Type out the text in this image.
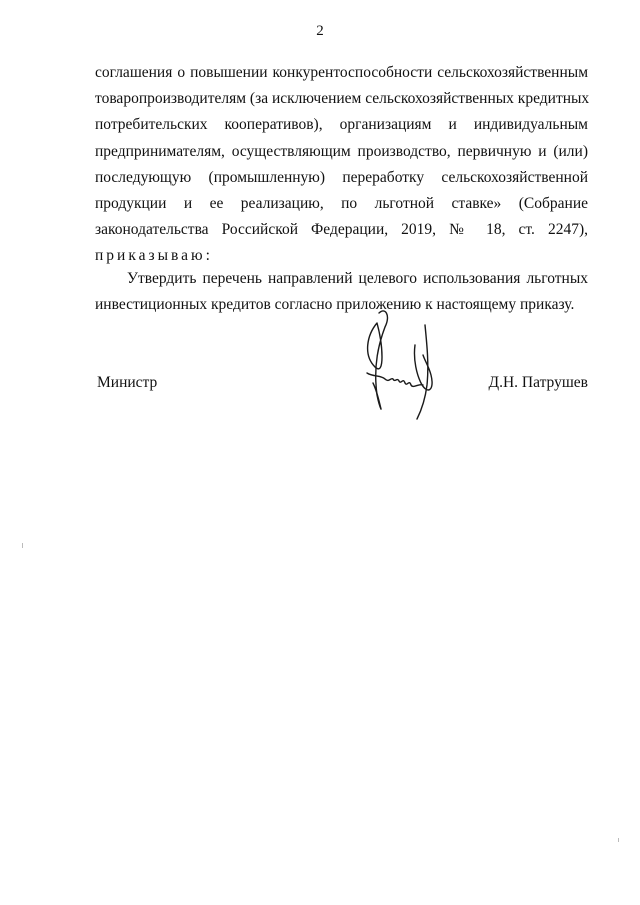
2
соглашения о повышении конкурентоспособности сельскохозяйственным
товаропроизводителям (за исключением сельскохозяйственных кредитных
потребительских кооперативов), организациям и индивидуальным
предпринимателям, осуществляющим производство, первичную и (или)
последующую (промышленную) переработку сельскохозяйственной
продукции и ее реализацию, по льготной ставке» (Собрание
законодательства Российской Федерации, 2019, № 18, ст. 2247),
приказываю:
Утвердить перечень направлений целевого использования льготных
инвестиционных кредитов согласно приложению к настоящему приказу.
Министр	Д.Н. Патрушев
